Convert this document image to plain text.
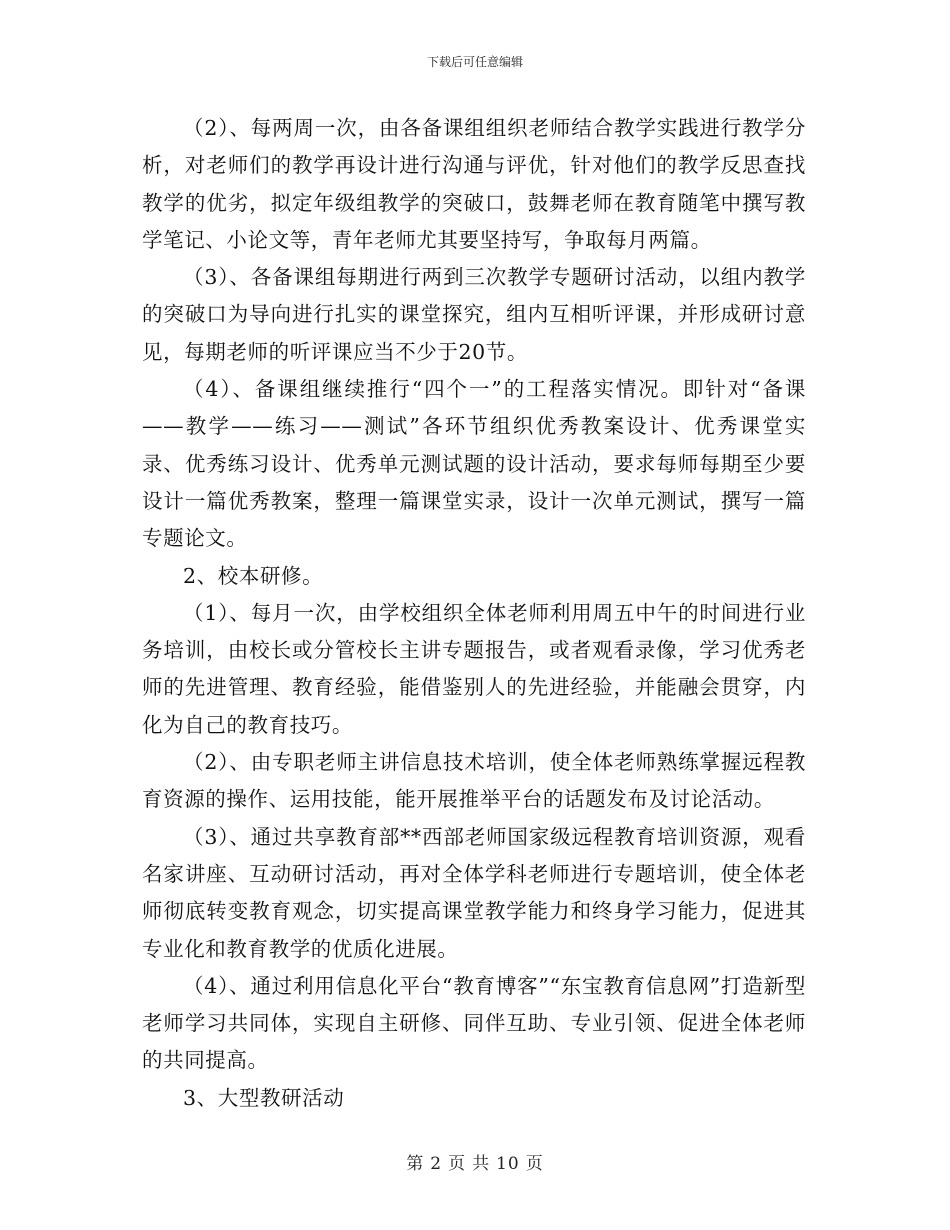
下载后可任意编辑

（2）、每两周一次，由各备课组组织老师结合教学实践进行教学分析，对老师们的教学再设计进行沟通与评优，针对他们的教学反思查找教学的优劣，拟定年级组教学的突破口，鼓舞老师在教育随笔中撰写教学笔记、小论文等，青年老师尤其要坚持写，争取每月两篇。

（3）、各备课组每期进行两到三次教学专题研讨活动，以组内教学的突破口为导向进行扎实的课堂探究，组内互相听评课，并形成研讨意见，每期老师的听评课应当不少于20节。

（4）、备课组继续推行“四个一”的工程落实情况。即针对“备课——教学——练习——测试”各环节组织优秀教案设计、优秀课堂实录、优秀练习设计、优秀单元测试题的设计活动，要求每师每期至少要设计一篇优秀教案，整理一篇课堂实录，设计一次单元测试，撰写一篇专题论文。

2、校本研修。

（1）、每月一次，由学校组织全体老师利用周五中午的时间进行业务培训，由校长或分管校长主讲专题报告，或者观看录像，学习优秀老师的先进管理、教育经验，能借鉴别人的先进经验，并能融会贯穿，内化为自己的教育技巧。

（2）、由专职老师主讲信息技术培训，使全体老师熟练掌握远程教育资源的操作、运用技能，能开展推举平台的话题发布及讨论活动。

（3）、通过共享教育部**西部老师国家级远程教育培训资源，观看名家讲座、互动研讨活动，再对全体学科老师进行专题培训，使全体老师彻底转变教育观念，切实提高课堂教学能力和终身学习能力，促进其专业化和教育教学的优质化进展。

（4）、通过利用信息化平台“教育博客”“东宝教育信息网”打造新型老师学习共同体，实现自主研修、同伴互助、专业引领、促进全体老师的共同提高。

3、大型教研活动

第 2 页 共 10 页
